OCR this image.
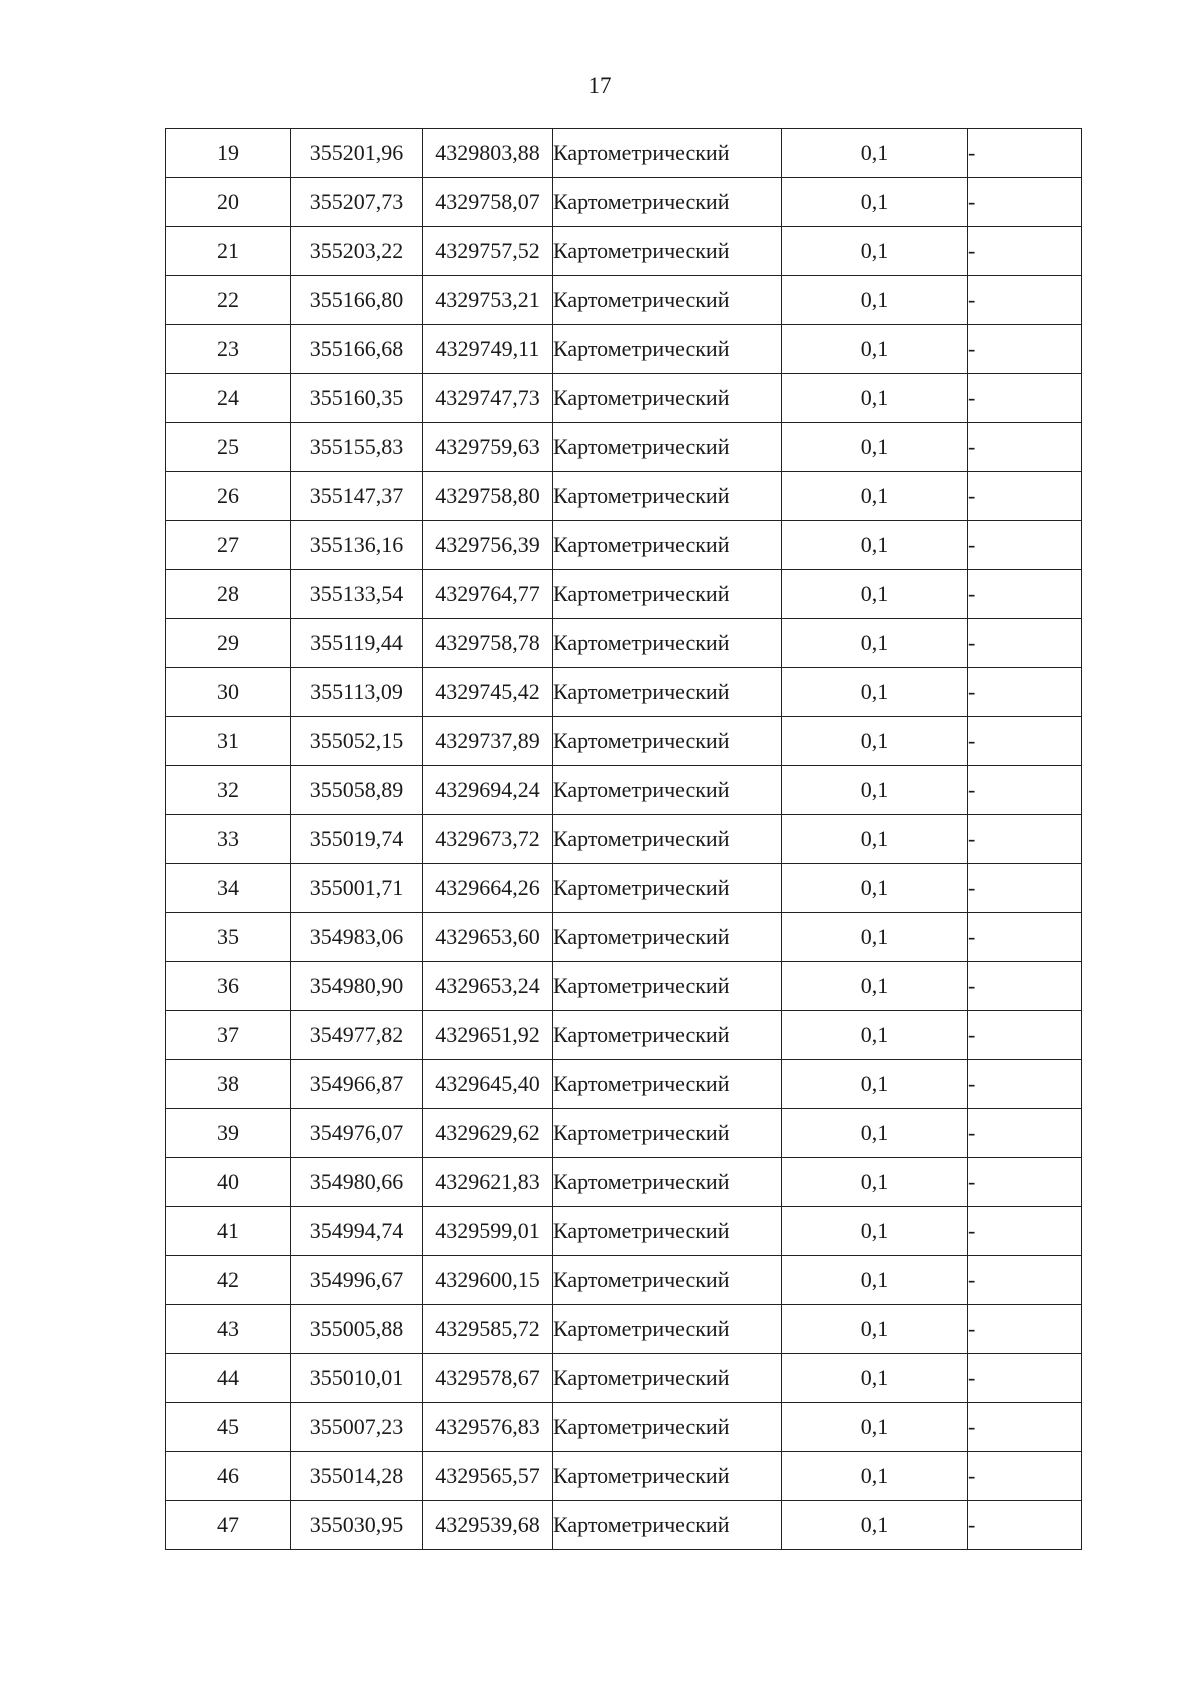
17
19	355201,96	4329803,88	Картометрический	0,1	-
20	355207,73	4329758,07	Картометрический	0,1	-
21	355203,22	4329757,52	Картометрический	0,1	-
22	355166,80	4329753,21	Картометрический	0,1	-
23	355166,68	4329749,11	Картометрический	0,1	-
24	355160,35	4329747,73	Картометрический	0,1	-
25	355155,83	4329759,63	Картометрический	0,1	-
26	355147,37	4329758,80	Картометрический	0,1	-
27	355136,16	4329756,39	Картометрический	0,1	-
28	355133,54	4329764,77	Картометрический	0,1	-
29	355119,44	4329758,78	Картометрический	0,1	-
30	355113,09	4329745,42	Картометрический	0,1	-
31	355052,15	4329737,89	Картометрический	0,1	-
32	355058,89	4329694,24	Картометрический	0,1	-
33	355019,74	4329673,72	Картометрический	0,1	-
34	355001,71	4329664,26	Картометрический	0,1	-
35	354983,06	4329653,60	Картометрический	0,1	-
36	354980,90	4329653,24	Картометрический	0,1	-
37	354977,82	4329651,92	Картометрический	0,1	-
38	354966,87	4329645,40	Картометрический	0,1	-
39	354976,07	4329629,62	Картометрический	0,1	-
40	354980,66	4329621,83	Картометрический	0,1	-
41	354994,74	4329599,01	Картометрический	0,1	-
42	354996,67	4329600,15	Картометрический	0,1	-
43	355005,88	4329585,72	Картометрический	0,1	-
44	355010,01	4329578,67	Картометрический	0,1	-
45	355007,23	4329576,83	Картометрический	0,1	-
46	355014,28	4329565,57	Картометрический	0,1	-
47	355030,95	4329539,68	Картометрический	0,1	-
